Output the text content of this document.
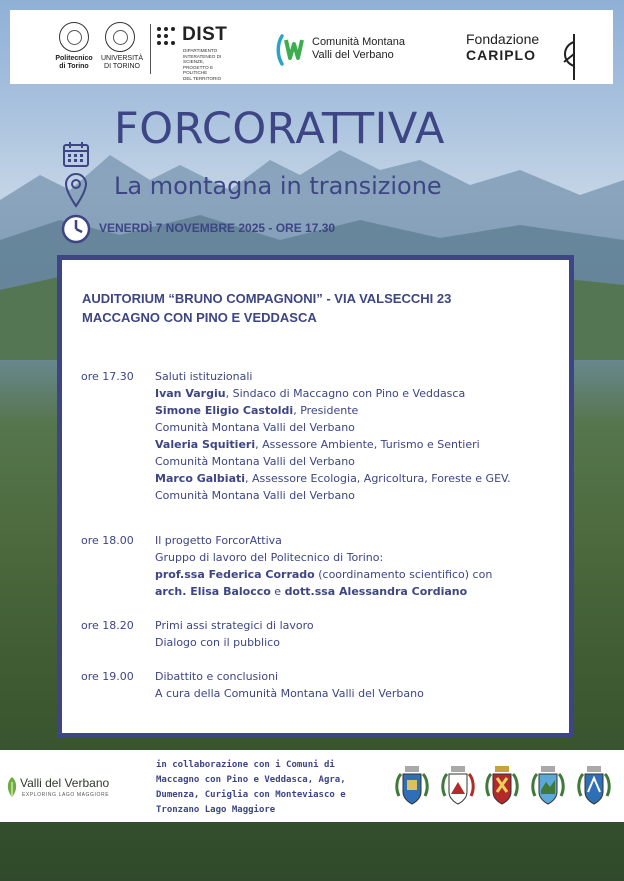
Politecnico
di Torino
UNIVERSITÀ
DI TORINO
DIST
DIPARTIMENTO
INTERATENEO DI SCIENZE,
PROGETTO E POLITICHE
DEL TERRITORIO
Comunità Montana
Valli del Verbano
Fondazione
CARIPLO
FORCORATTIVA
La montagna in transizione
VENERDÌ 7 NOVEMBRE 2025 - ORE 17.30
AUDITORIUM “BRUNO COMPAGNONI” - VIA VALSECCHI 23
MACCAGNO CON PINO E VEDDASCA
ore 17.30	Saluti istituzionali
Ivan Vargiu, Sindaco di Maccagno con Pino e Veddasca
Simone Eligio Castoldi, Presidente
Comunità Montana Valli del Verbano
Valeria Squitieri, Assessore Ambiente, Turismo e Sentieri
Comunità Montana Valli del Verbano
Marco Galbiati, Assessore Ecologia, Agricoltura, Foreste e GEV.
Comunità Montana Valli del Verbano
ore 18.00	Il progetto ForcorAttiva
Gruppo di lavoro del Politecnico di Torino:
prof.ssa Federica Corrado (coordinamento scientifico) con
arch. Elisa Balocco e dott.ssa Alessandra Cordiano
ore 18.20	Primi assi strategici di lavoro
Dialogo con il pubblico
ore 19.00	Dibattito e conclusioni
A cura della Comunità Montana Valli del Verbano
Valli del Verbano
EXPLORING LAGO MAGGIORE
in collaborazione con i Comuni di
Maccagno con Pino e Veddasca, Agra,
Dumenza, Curiglia con Monteviasco e
Tronzano Lago Maggiore
